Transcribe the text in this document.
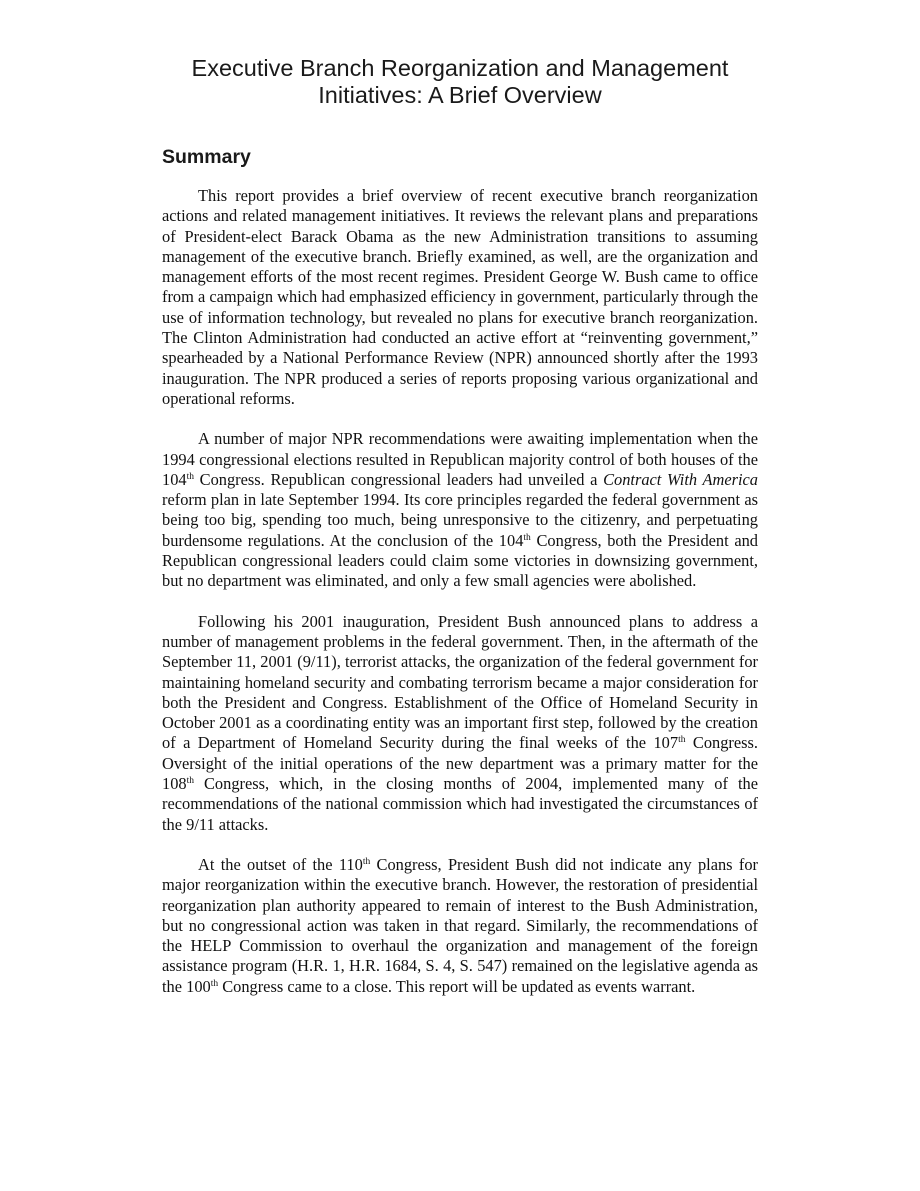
Executive Branch Reorganization and Management
Initiatives: A Brief Overview
Summary

This report provides a brief overview of recent executive branch reorganization actions and related management initiatives. It reviews the relevant plans and preparations of President-elect Barack Obama as the new Administration transitions to assuming management of the executive branch. Briefly examined, as well, are the organization and management efforts of the most recent regimes. President George W. Bush came to office from a campaign which had emphasized efficiency in government, particularly through the use of information technology, but revealed no plans for executive branch reorganization. The Clinton Administration had conducted an active effort at “reinventing government,” spearheaded by a National Performance Review (NPR) announced shortly after the 1993 inauguration. The NPR produced a series of reports proposing various organizational and operational reforms.

A number of major NPR recommendations were awaiting implementation when the 1994 congressional elections resulted in Republican majority control of both houses of the 104th Congress. Republican congressional leaders had unveiled a Contract With America reform plan in late September 1994. Its core principles regarded the federal government as being too big, spending too much, being unresponsive to the citizenry, and perpetuating burdensome regulations. At the conclusion of the 104th Congress, both the President and Republican congressional leaders could claim some victories in downsizing government, but no department was eliminated, and only a few small agencies were abolished.

Following his 2001 inauguration, President Bush announced plans to address a number of management problems in the federal government. Then, in the aftermath of the September 11, 2001 (9/11), terrorist attacks, the organization of the federal government for maintaining homeland security and combating terrorism became a major consideration for both the President and Congress. Establishment of the Office of Homeland Security in October 2001 as a coordinating entity was an important first step, followed by the creation of a Department of Homeland Security during the final weeks of the 107th Congress. Oversight of the initial operations of the new department was a primary matter for the 108th Congress, which, in the closing months of 2004, implemented many of the recommendations of the national commission which had investigated the circumstances of the 9/11 attacks.

At the outset of the 110th Congress, President Bush did not indicate any plans for major reorganization within the executive branch. However, the restoration of presidential reorganization plan authority appeared to remain of interest to the Bush Administration, but no congressional action was taken in that regard. Similarly, the recommendations of the HELP Commission to overhaul the organization and management of the foreign assistance program (H.R. 1, H.R. 1684, S. 4, S. 547) remained on the legislative agenda as the 100th Congress came to a close. This report will be updated as events warrant.
